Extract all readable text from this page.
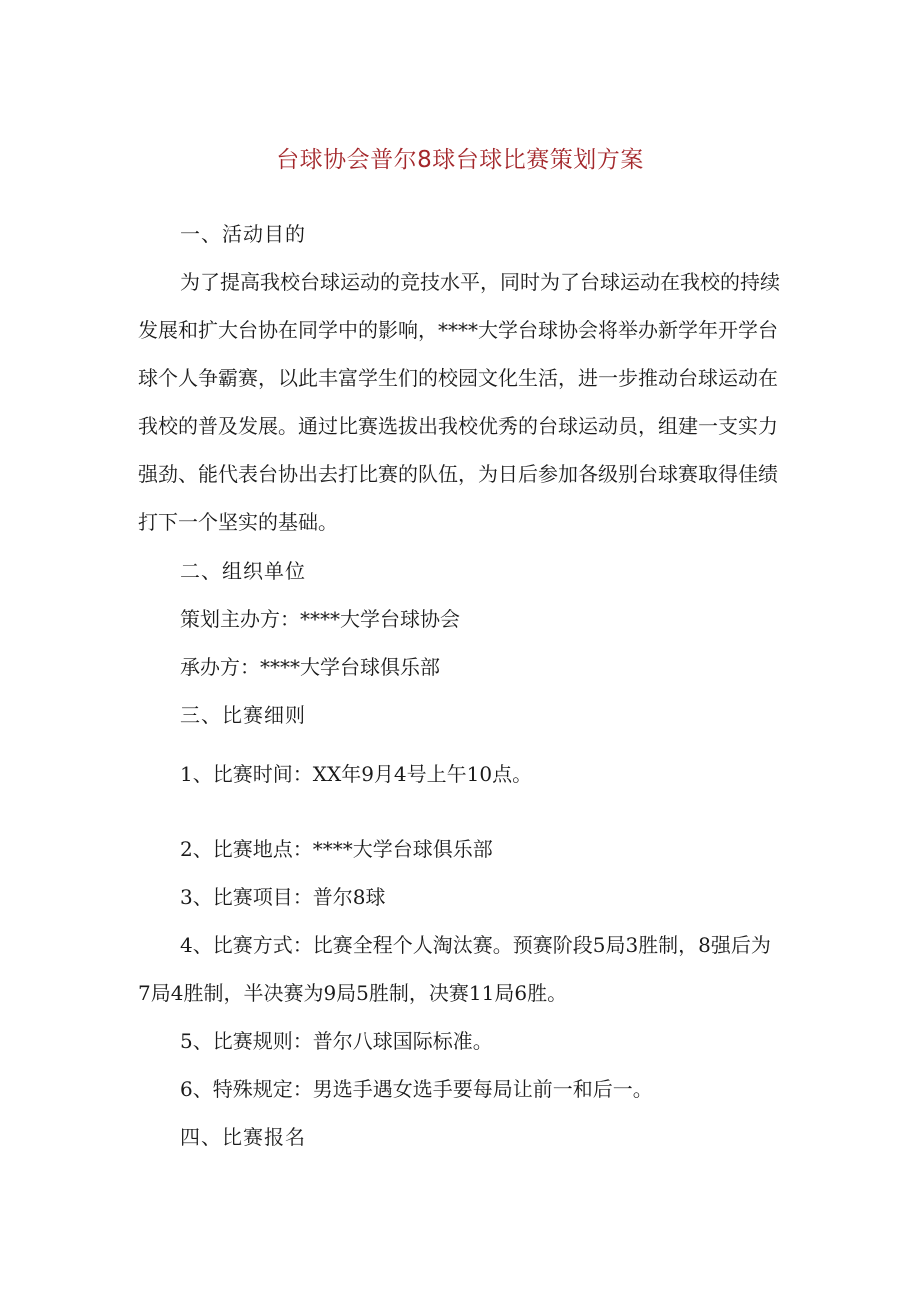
台球协会普尔8球台球比赛策划方案
一、活动目的
为了提高我校台球运动的竞技水平，同时为了台球运动在我校的持续
发展和扩大台协在同学中的影响，****大学台球协会将举办新学年开学台
球个人争霸赛，以此丰富学生们的校园文化生活，进一步推动台球运动在
我校的普及发展。通过比赛选拔出我校优秀的台球运动员，组建一支实力
强劲、能代表台协出去打比赛的队伍，为日后参加各级别台球赛取得佳绩
打下一个坚实的基础。
二、组织单位
策划主办方：****大学台球协会
承办方：****大学台球俱乐部
三、比赛细则
1、比赛时间：XX年9月4号上午10点。
2、比赛地点：****大学台球俱乐部
3、比赛项目：普尔8球
4、比赛方式：比赛全程个人淘汰赛。预赛阶段5局3胜制，8强后为
7局4胜制，半决赛为9局5胜制，决赛11局6胜。
5、比赛规则：普尔八球国际标准。
6、特殊规定：男选手遇女选手要每局让前一和后一。
四、比赛报名
